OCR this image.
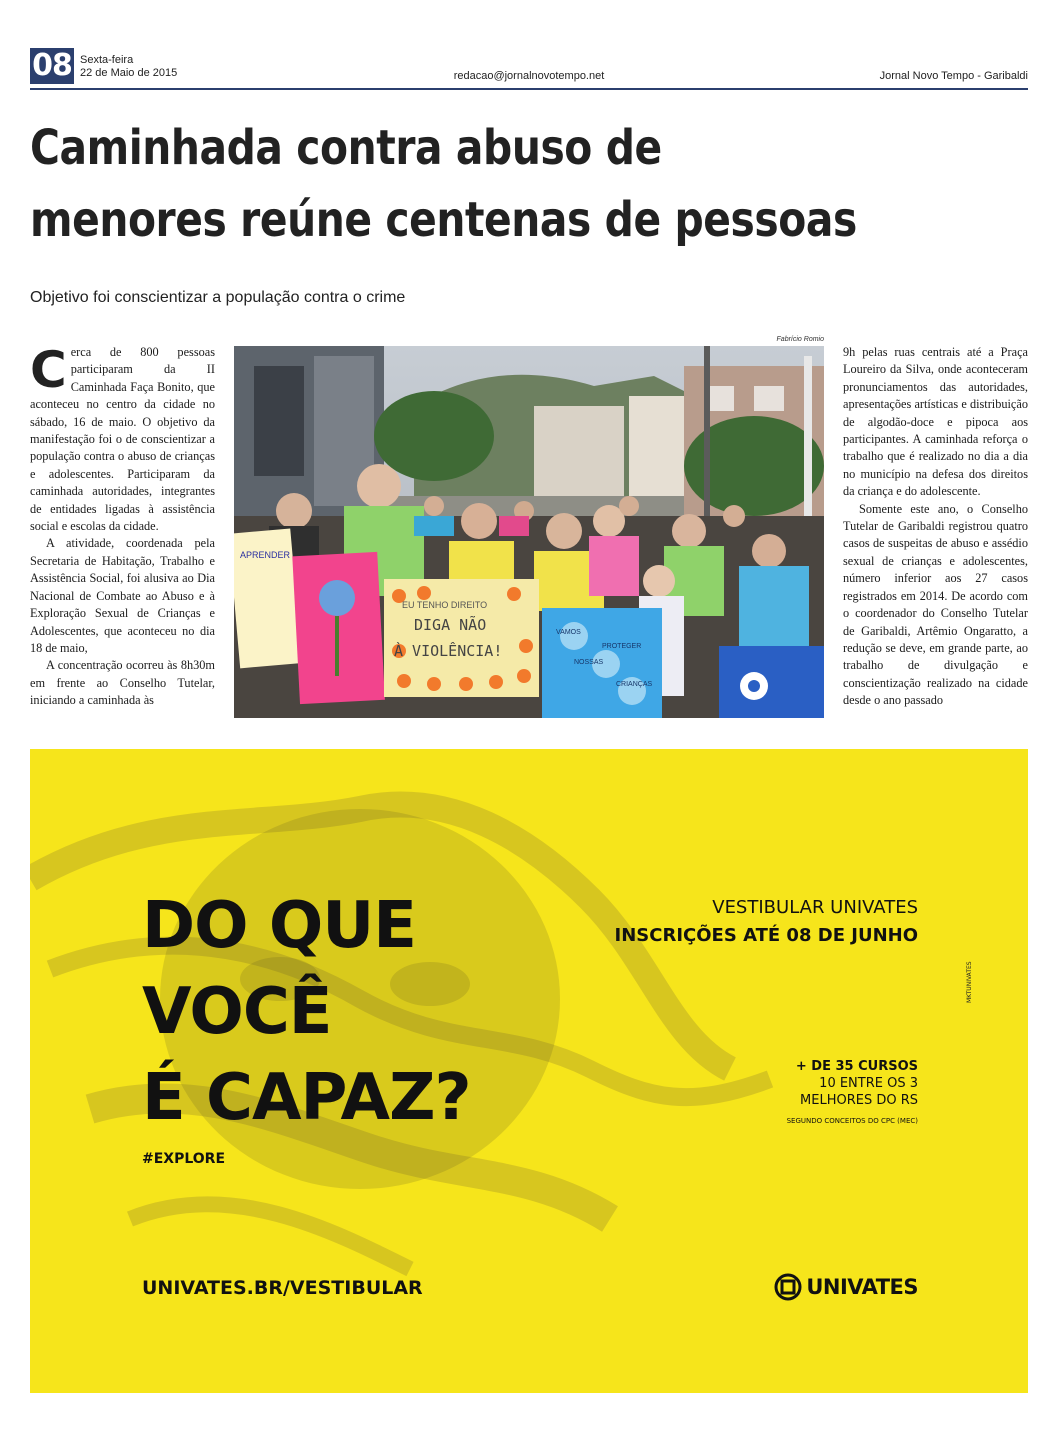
08 Sexta-feira
22 de Maio de 2015	redacao@jornalnovotempo.net	Jornal Novo Tempo - Garibaldi
Caminhada contra abuso de
menores reúne centenas de pessoas
Objetivo foi conscientizar a população contra o crime

Cerca de 800 pessoas participaram da II Caminhada Faça Bonito, que aconteceu no centro da cidade no sábado, 16 de maio. O objetivo da manifestação foi o de conscientizar a população contra o abuso de crianças e adolescentes. Participaram da caminhada autoridades, integrantes de entidades ligadas à assistência social e escolas da cidade.

A atividade, coordenada pela Secretaria de Habitação, Trabalho e Assistência Social, foi alusiva ao Dia Nacional de Combate ao Abuso e à Exploração Sexual de Crianças e Adolescentes, que aconteceu no dia 18 de maio,

A concentração ocorreu às 8h30m em frente ao Conselho Tutelar, iniciando a caminhada às

Fabrício Romio
APRENDER
EU TENHO DIREITO
DIGA NÃO
À VIOLÊNCIA!
VAMOS
PROTEGER
NOSSAS
CRIANÇAS

9h pelas ruas centrais até a Praça Loureiro da Silva, onde aconteceram pronunciamentos das autoridades, apresentações artísticas e distribuição de algodão-doce e pipoca aos participantes. A caminhada reforça o trabalho que é realizado no dia a dia no município na defesa dos direitos da criança e do adolescente.

Somente este ano, o Conselho Tutelar de Garibaldi registrou quatro casos de suspeitas de abuso e assédio sexual de crianças e adolescentes, número inferior aos 27 casos registrados em 2014. De acordo com o coordenador do Conselho Tutelar de Garibaldi, Artêmio Ongaratto, a redução se deve, em grande parte, ao trabalho de divulgação e conscientização realizado na cidade desde o ano passado

DO QUE
VOCÊ
É CAPAZ?
#EXPLORE
UNIVATES.BR/VESTIBULAR
VESTIBULAR UNIVATES
INSCRIÇÕES ATÉ 08 DE JUNHO
+ DE 35 CURSOS
10 ENTRE OS 3
MELHORES DO RS
SEGUNDO CONCEITOS DO CPC (MEC)
MKTUNIVATES
UNIVATES
